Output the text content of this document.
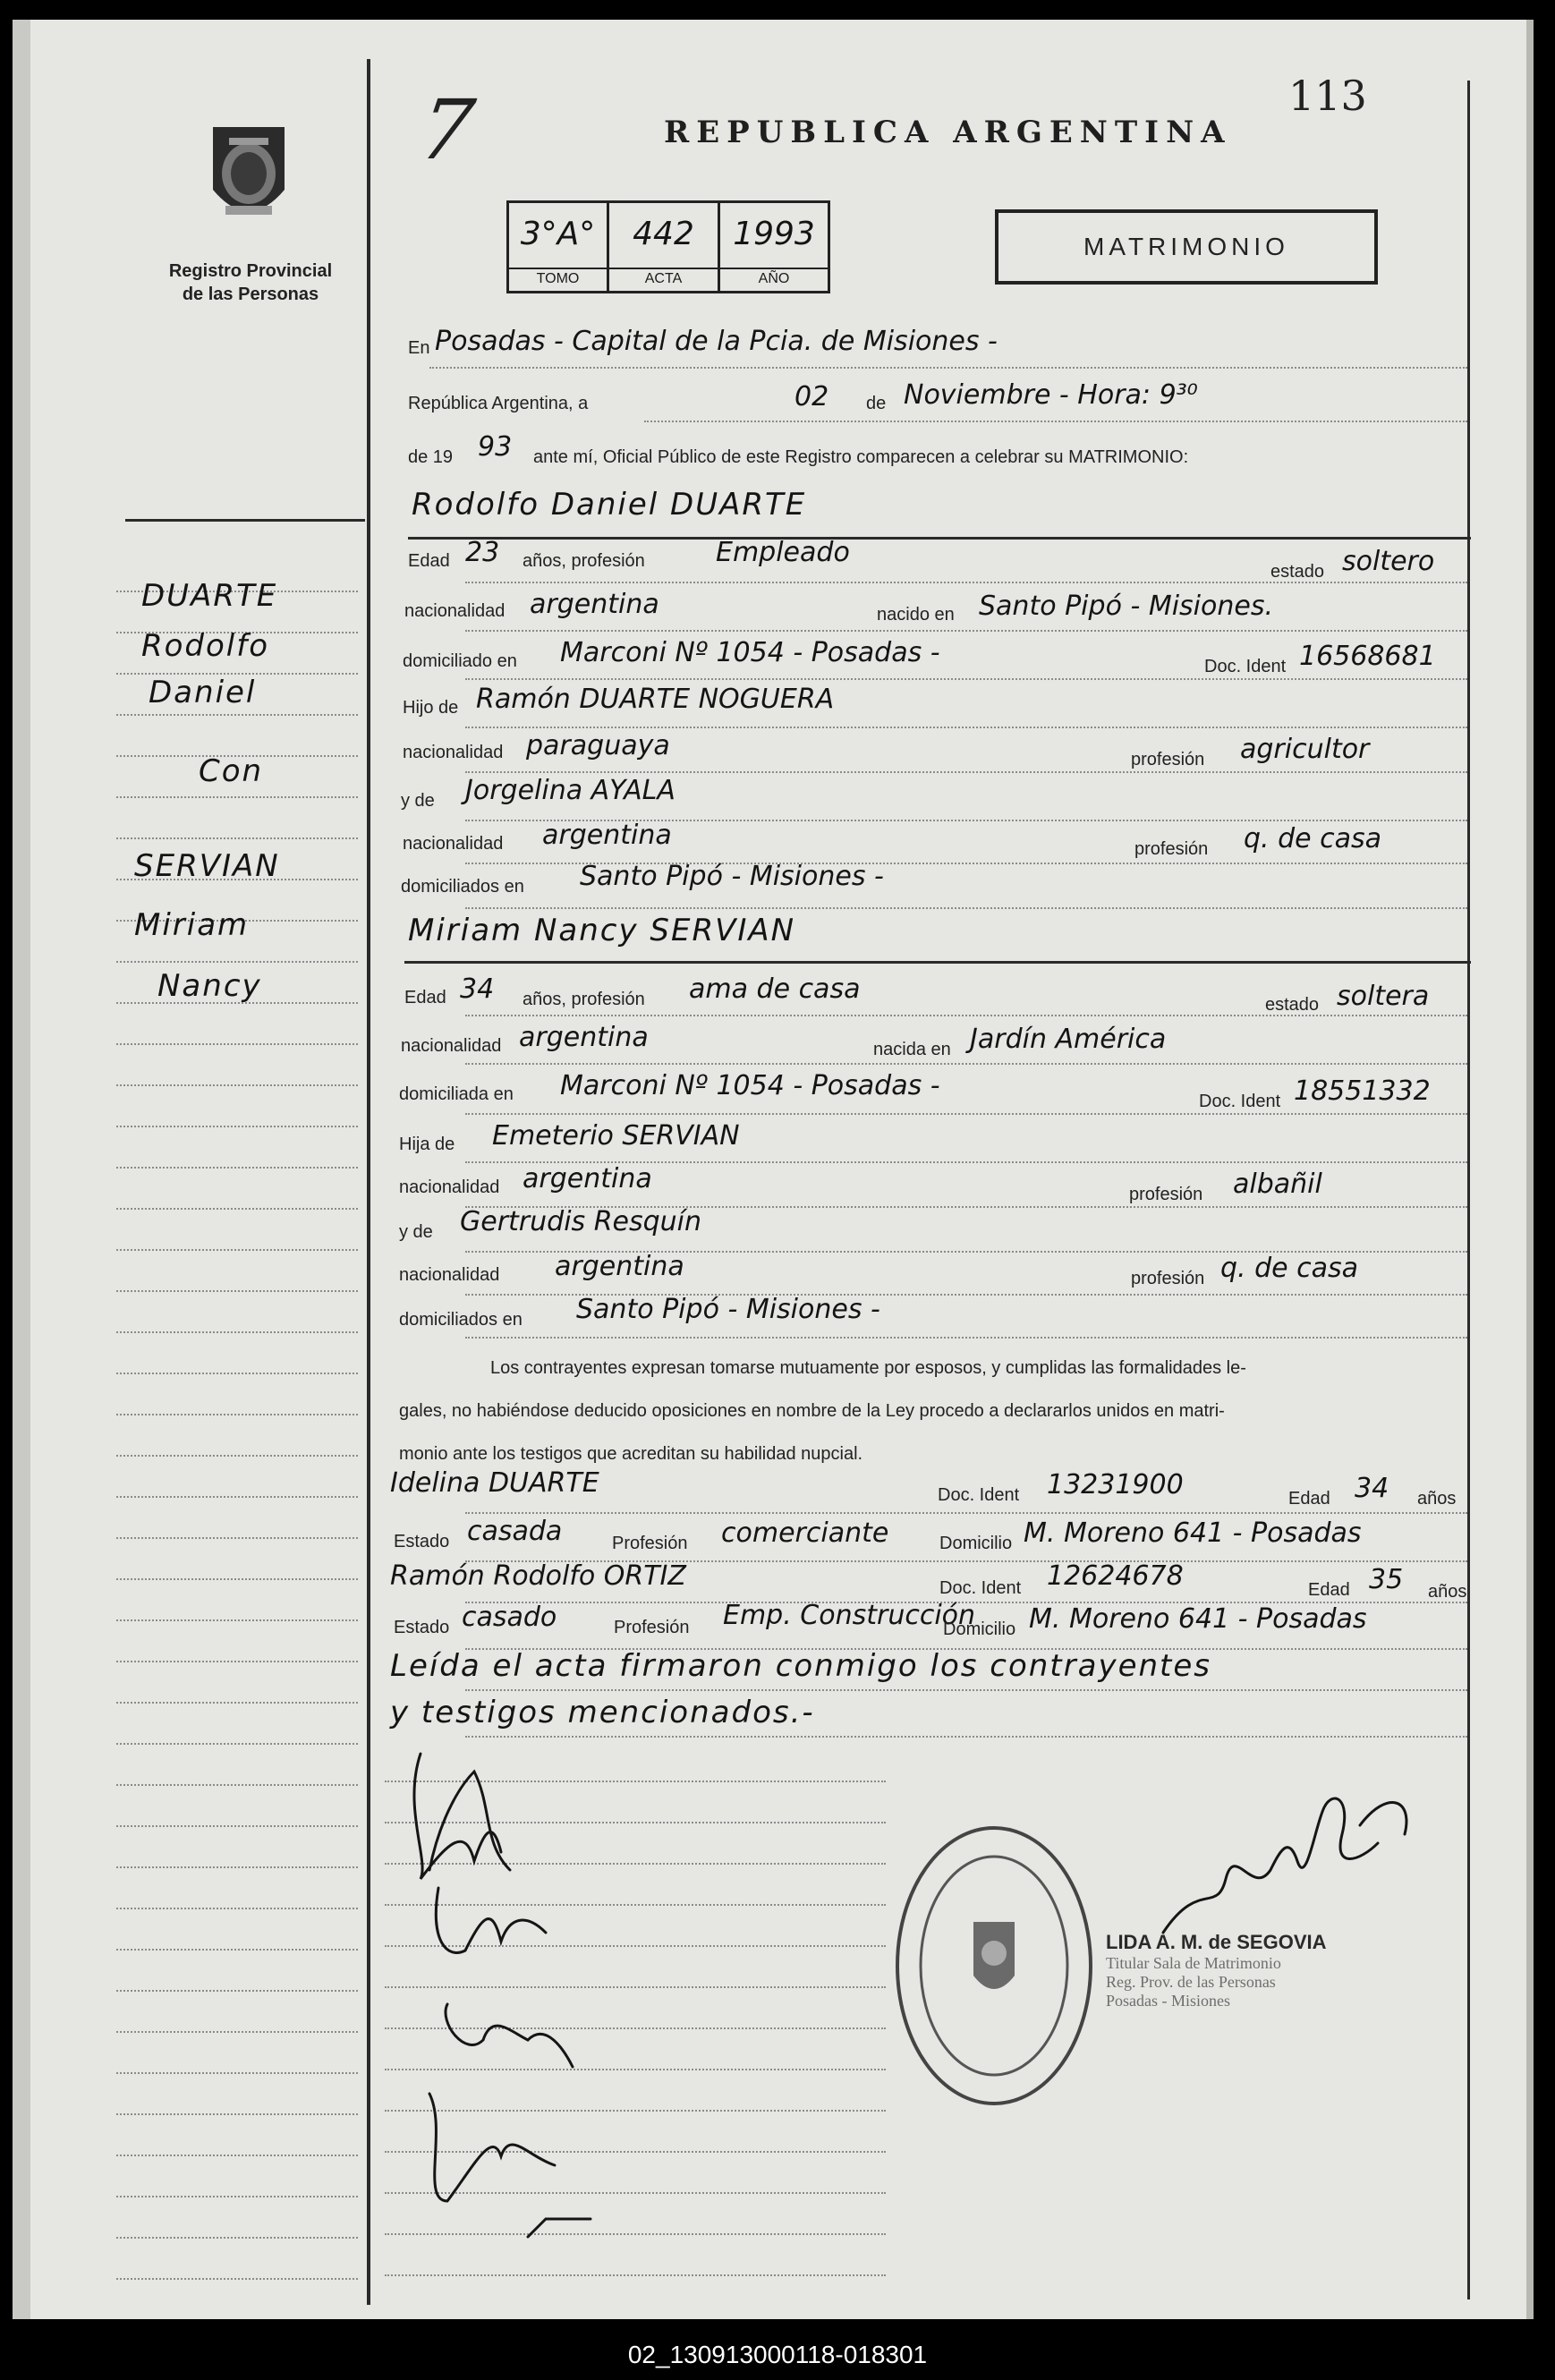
Registro Provincial
de las Personas
7	REPUBLICA ARGENTINA
113
3°A°
TOMO
442
ACTA
1993
AÑO
MATRIMONIO
DUARTE
Rodolfo
Daniel
Con
SERVIAN
Miriam
Nancy
En Posadas - Capital de la Pcia. de Misiones -
República Argentina, a	02 de Noviembre - Hora: 9³⁰
de 19 93 ante mí, Oficial Público de este Registro comparecen a celebrar su MATRIMONIO:
Rodolfo Daniel DUARTE
Edad 23 años, profesión	Empleado
estado soltero
nacionalidad argentina	nacido en Santo Pipó - Misiones.
domiciliado en Marconi Nº 1054 - Posadas -	Doc. Ident 16568681
Hijo de Ramón DUARTE NOGUERA
nacionalidad paraguaya	profesión agricultor
y de Jorgelina AYALA
nacionalidad argentina	profesión q. de casa
domiciliados en Santo Pipó - Misiones -
Miriam Nancy SERVIAN
Edad 34 años, profesión ama de casa	estado soltera
nacionalidad argentina	nacida en Jardín América
domiciliada en Marconi Nº 1054 - Posadas -	Doc. Ident 18551332
Hija de Emeterio SERVIAN
nacionalidad argentina	profesión albañil
y de Gertrudis Resquín
nacionalidad argentina	profesión q. de casa
domiciliados en Santo Pipó - Misiones -
Los contrayentes expresan tomarse mutuamente por esposos, y cumplidas las formalidades le-
gales, no habiéndose deducido oposiciones en nombre de la Ley procedo a declararlos unidos en matri-
monio ante los testigos que acreditan su habilidad nupcial.
Idelina DUARTE	Doc. Ident 13231900	Edad 34 años
Estado casada	Profesión comerciante	Domicilio M. Moreno 641 - Posadas
Ramón Rodolfo ORTIZ	Doc. Ident 12624678	Edad 35 años
Estado casado	Profesión Emp. Construcción
Domicilio M. Moreno 641 - Posadas
Leída el acta firmaron conmigo los contrayentes
y testigos mencionados.-
LIDA A. M. de SEGOVIA
Titular Sala de Matrimonio
Reg. Prov. de las Personas
Posadas - Misiones
02_130913000118-018301
